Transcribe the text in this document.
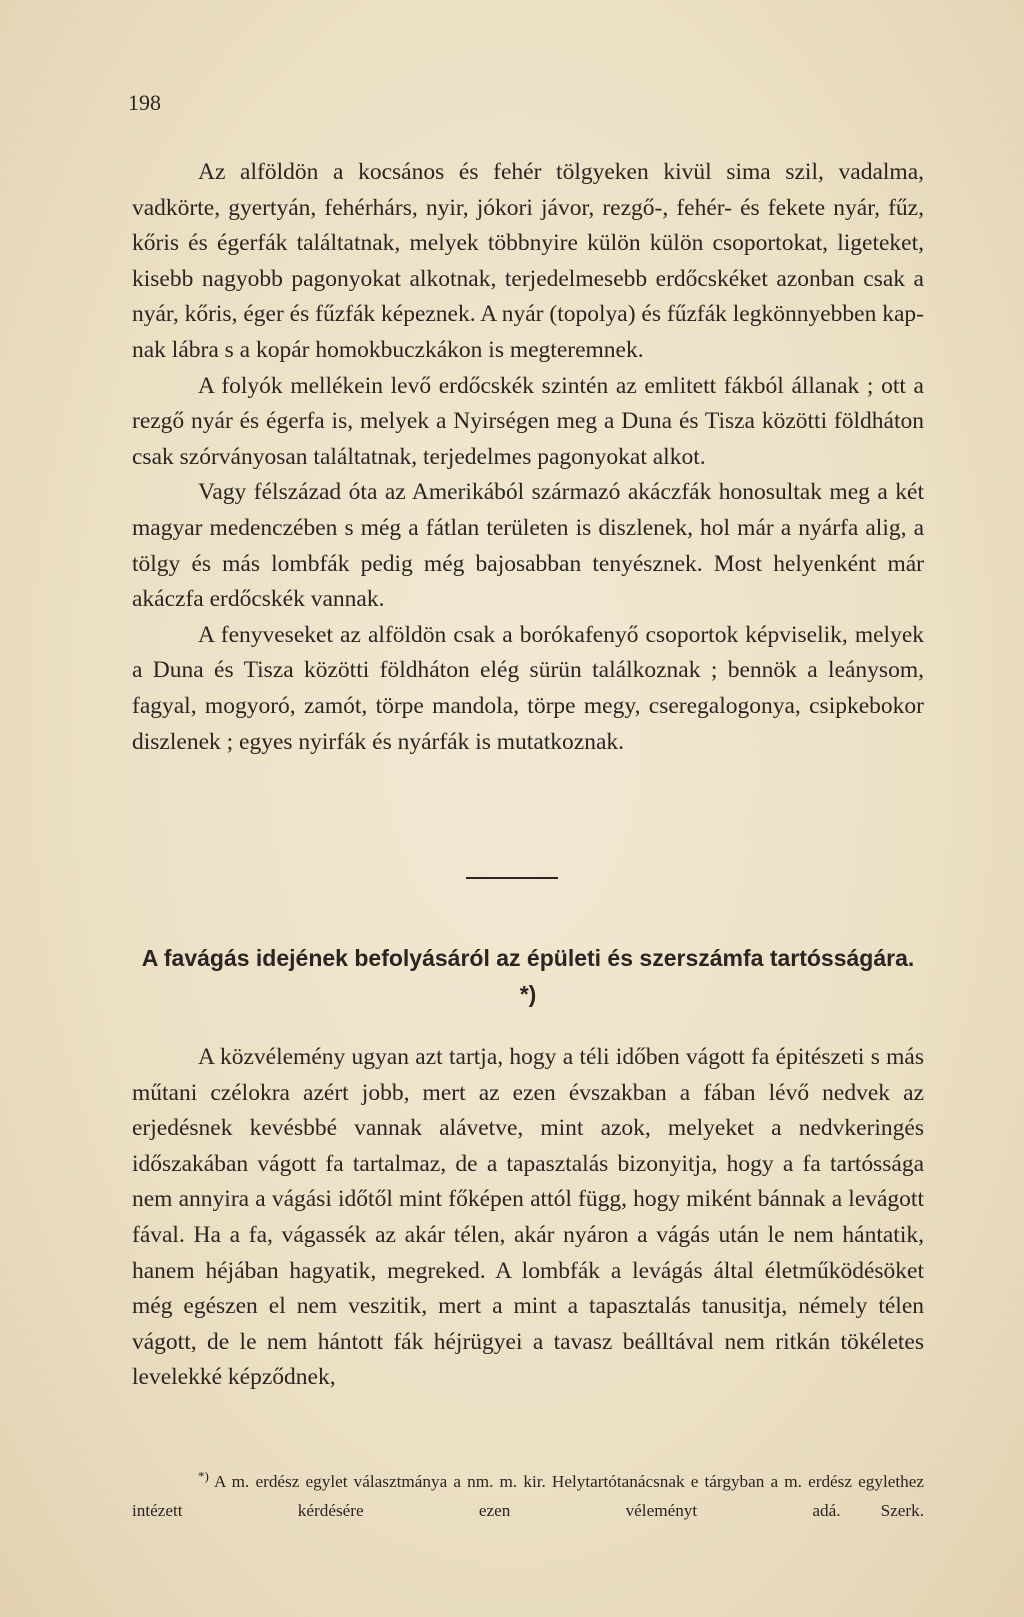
198

Az alföldön a kocsános és fehér tölgyeken kivül sima szil, vadalma, vadkörte, gyertyán, fehérhárs, nyir, jókori jávor, rezgő-, fehér- és fekete nyár, fűz, kőris és égerfák találtatnak, melyek többnyire külön külön csoportokat, ligeteket, kisebb nagyobb pagonyokat alkotnak, terjedelmesebb erdőcskéket azonban csak a nyár, kőris, éger és fűzfák képeznek. A nyár (topolya) és fűzfák legkönnyebben kapnak lábra s a kopár homokbuczkákon is megteremnek.

A folyók mellékein levő erdőcskék szintén az emlitett fákból állanak ; ott a rezgő nyár és égerfa is, melyek a Nyirségen meg a Duna és Tisza közötti földháton csak szórványosan találtatnak, terjedelmes pagonyokat alkot.

Vagy félszázad óta az Amerikából származó akáczfák honosultak meg a két magyar medenczében s még a fátlan területen is diszlenek, hol már a nyárfa alig, a tölgy és más lombfák pedig még bajosabban tenyésznek. Most helyenként már akáczfa erdőcskék vannak.

A fenyveseket az alföldön csak a borókafenyő csoportok képviselik, melyek a Duna és Tisza közötti földháton elég sürün találkoznak ; bennök a leánysom, fagyal, mogyoró, zamót, törpe mandola, törpe megy, cseregalogonya, csipkebokor diszlenek ; egyes nyirfák és nyárfák is mutatkoznak.

A favágás idejének befolyásáról az épületi és szerszámfa tartósságára. *)

A közvélemény ugyan azt tartja, hogy a téli időben vágott fa épitészeti s más műtani czélokra azért jobb, mert az ezen évszakban a fában lévő nedvek az erjedésnek kevésbbé vannak alávetve, mint azok, melyeket a nedvkeringés időszakában vágott fa tartalmaz, de a tapasztalás bizonyitja, hogy a fa tartóssága nem annyira a vágási időtől mint főképen attól függ, hogy miként bánnak a levágott fával. Ha a fa, vágassék az akár télen, akár nyáron a vágás után le nem hántatik, hanem héjában hagyatik, megreked. A lombfák a levágás által életműködésöket még egészen el nem veszitik, mert a mint a tapasztalás tanusitja, némely télen vágott, de le nem hántott fák héjrügyei a tavasz beálltával nem ritkán tökéletes levelekké képződnek,

*) A m. erdész egylet választmánya a nm. m. kir. Helytartótanácsnak e tárgyban a m. erdész egylethez intézett kérdésére ezen véleményt adá. Szerk.
